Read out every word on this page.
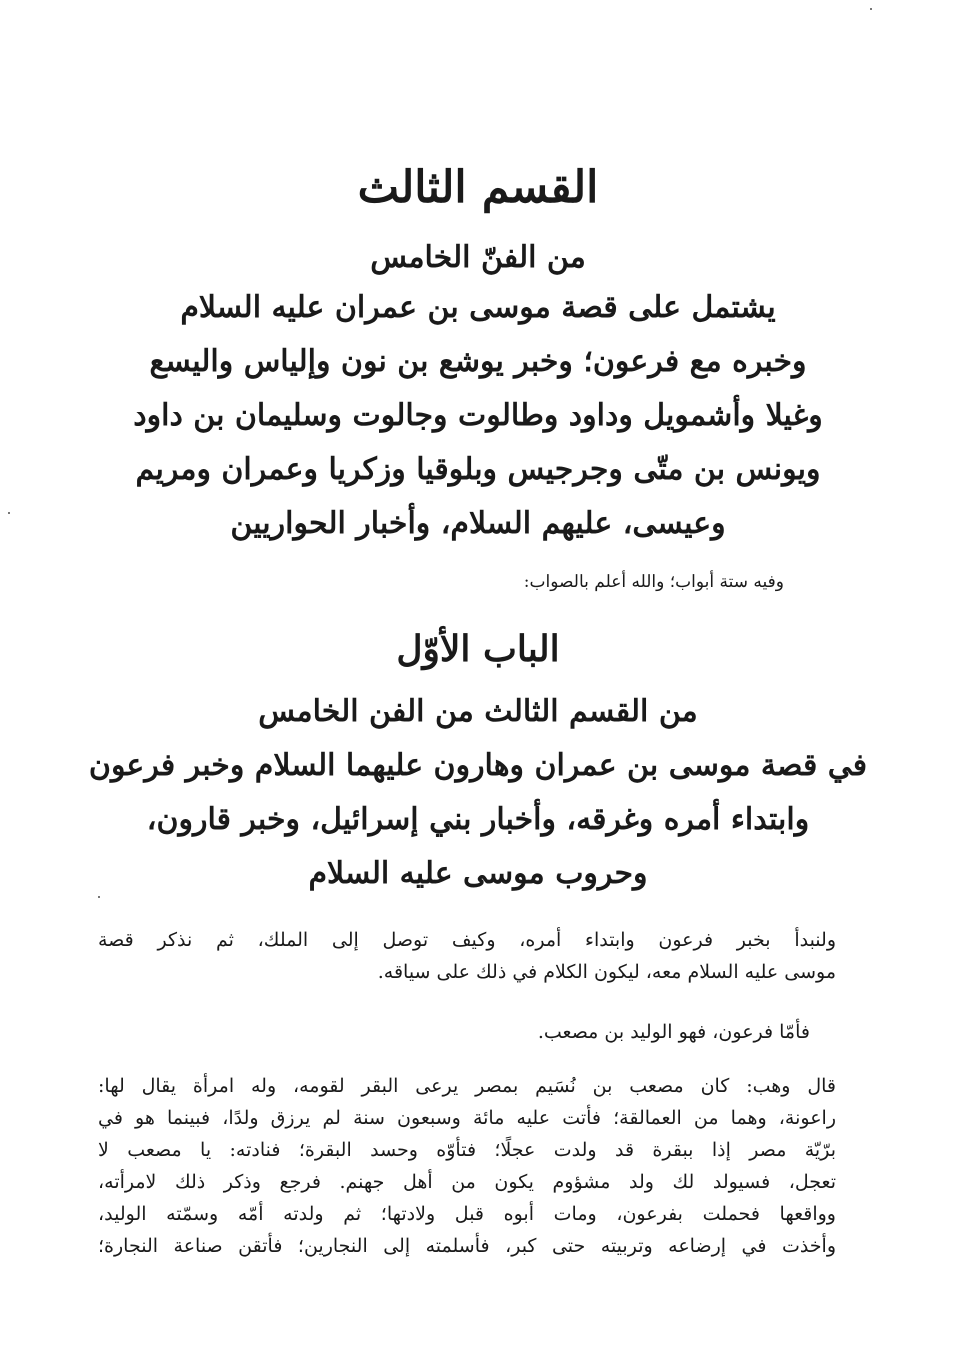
القسم الثالث
من الفنّ الخامس
يشتمل على قصة موسى بن عمران عليه السلام
وخبره مع فرعون؛ وخبر يوشع بن نون وإلياس واليسع
وغيلا وأشمويل وداود وطالوت وجالوت وسليمان بن داود
ويونس بن متّى وجرجيس وبلوقيا وزكريا وعمران ومريم
وعيسى، عليهم السلام، وأخبار الحواريين
وفيه ستة أبواب؛ والله أعلم بالصواب:
الباب الأوّل
من القسم الثالث من الفن الخامس
في قصة موسى بن عمران وهارون عليهما السلام وخبر فرعون
وابتداء أمره وغرقه، وأخبار بني إسرائيل، وخبر قارون،
وحروب موسى عليه السلام
ولنبدأ بخبر فرعون وابتداء أمره، وكيف توصل إلى الملك، ثم نذكر قصة
موسى عليه السلام معه، ليكون الكلام في ذلك على سياقه.
فأمّا فرعون، فهو الوليد بن مصعب.
قال وهب: كان مصعب بن نُسَيم بمصر يرعى البقر لقومه، وله امرأة يقال لها:
راعونة، وهما من العمالقة؛ فأتت عليه مائة وسبعون سنة لم يرزق ولدًا، فبينما هو في
برّيّة مصر إذا ببقرة قد ولدت عجلًا؛ فتأوّه وحسد البقرة؛ فنادته: يا مصعب لا
تعجل، فسيولد لك ولد مشؤوم يكون من أهل جهنم. فرجع وذكر ذلك لامرأته،
وواقعها فحملت بفرعون، ومات أبوه قبل ولادتها؛ ثم ولدته أمّه وسمّته الوليد،
وأخذت في إرضاعه وتربيته حتى كبر، فأسلمته إلى النجارين؛ فأتقن صناعة النجارة؛
